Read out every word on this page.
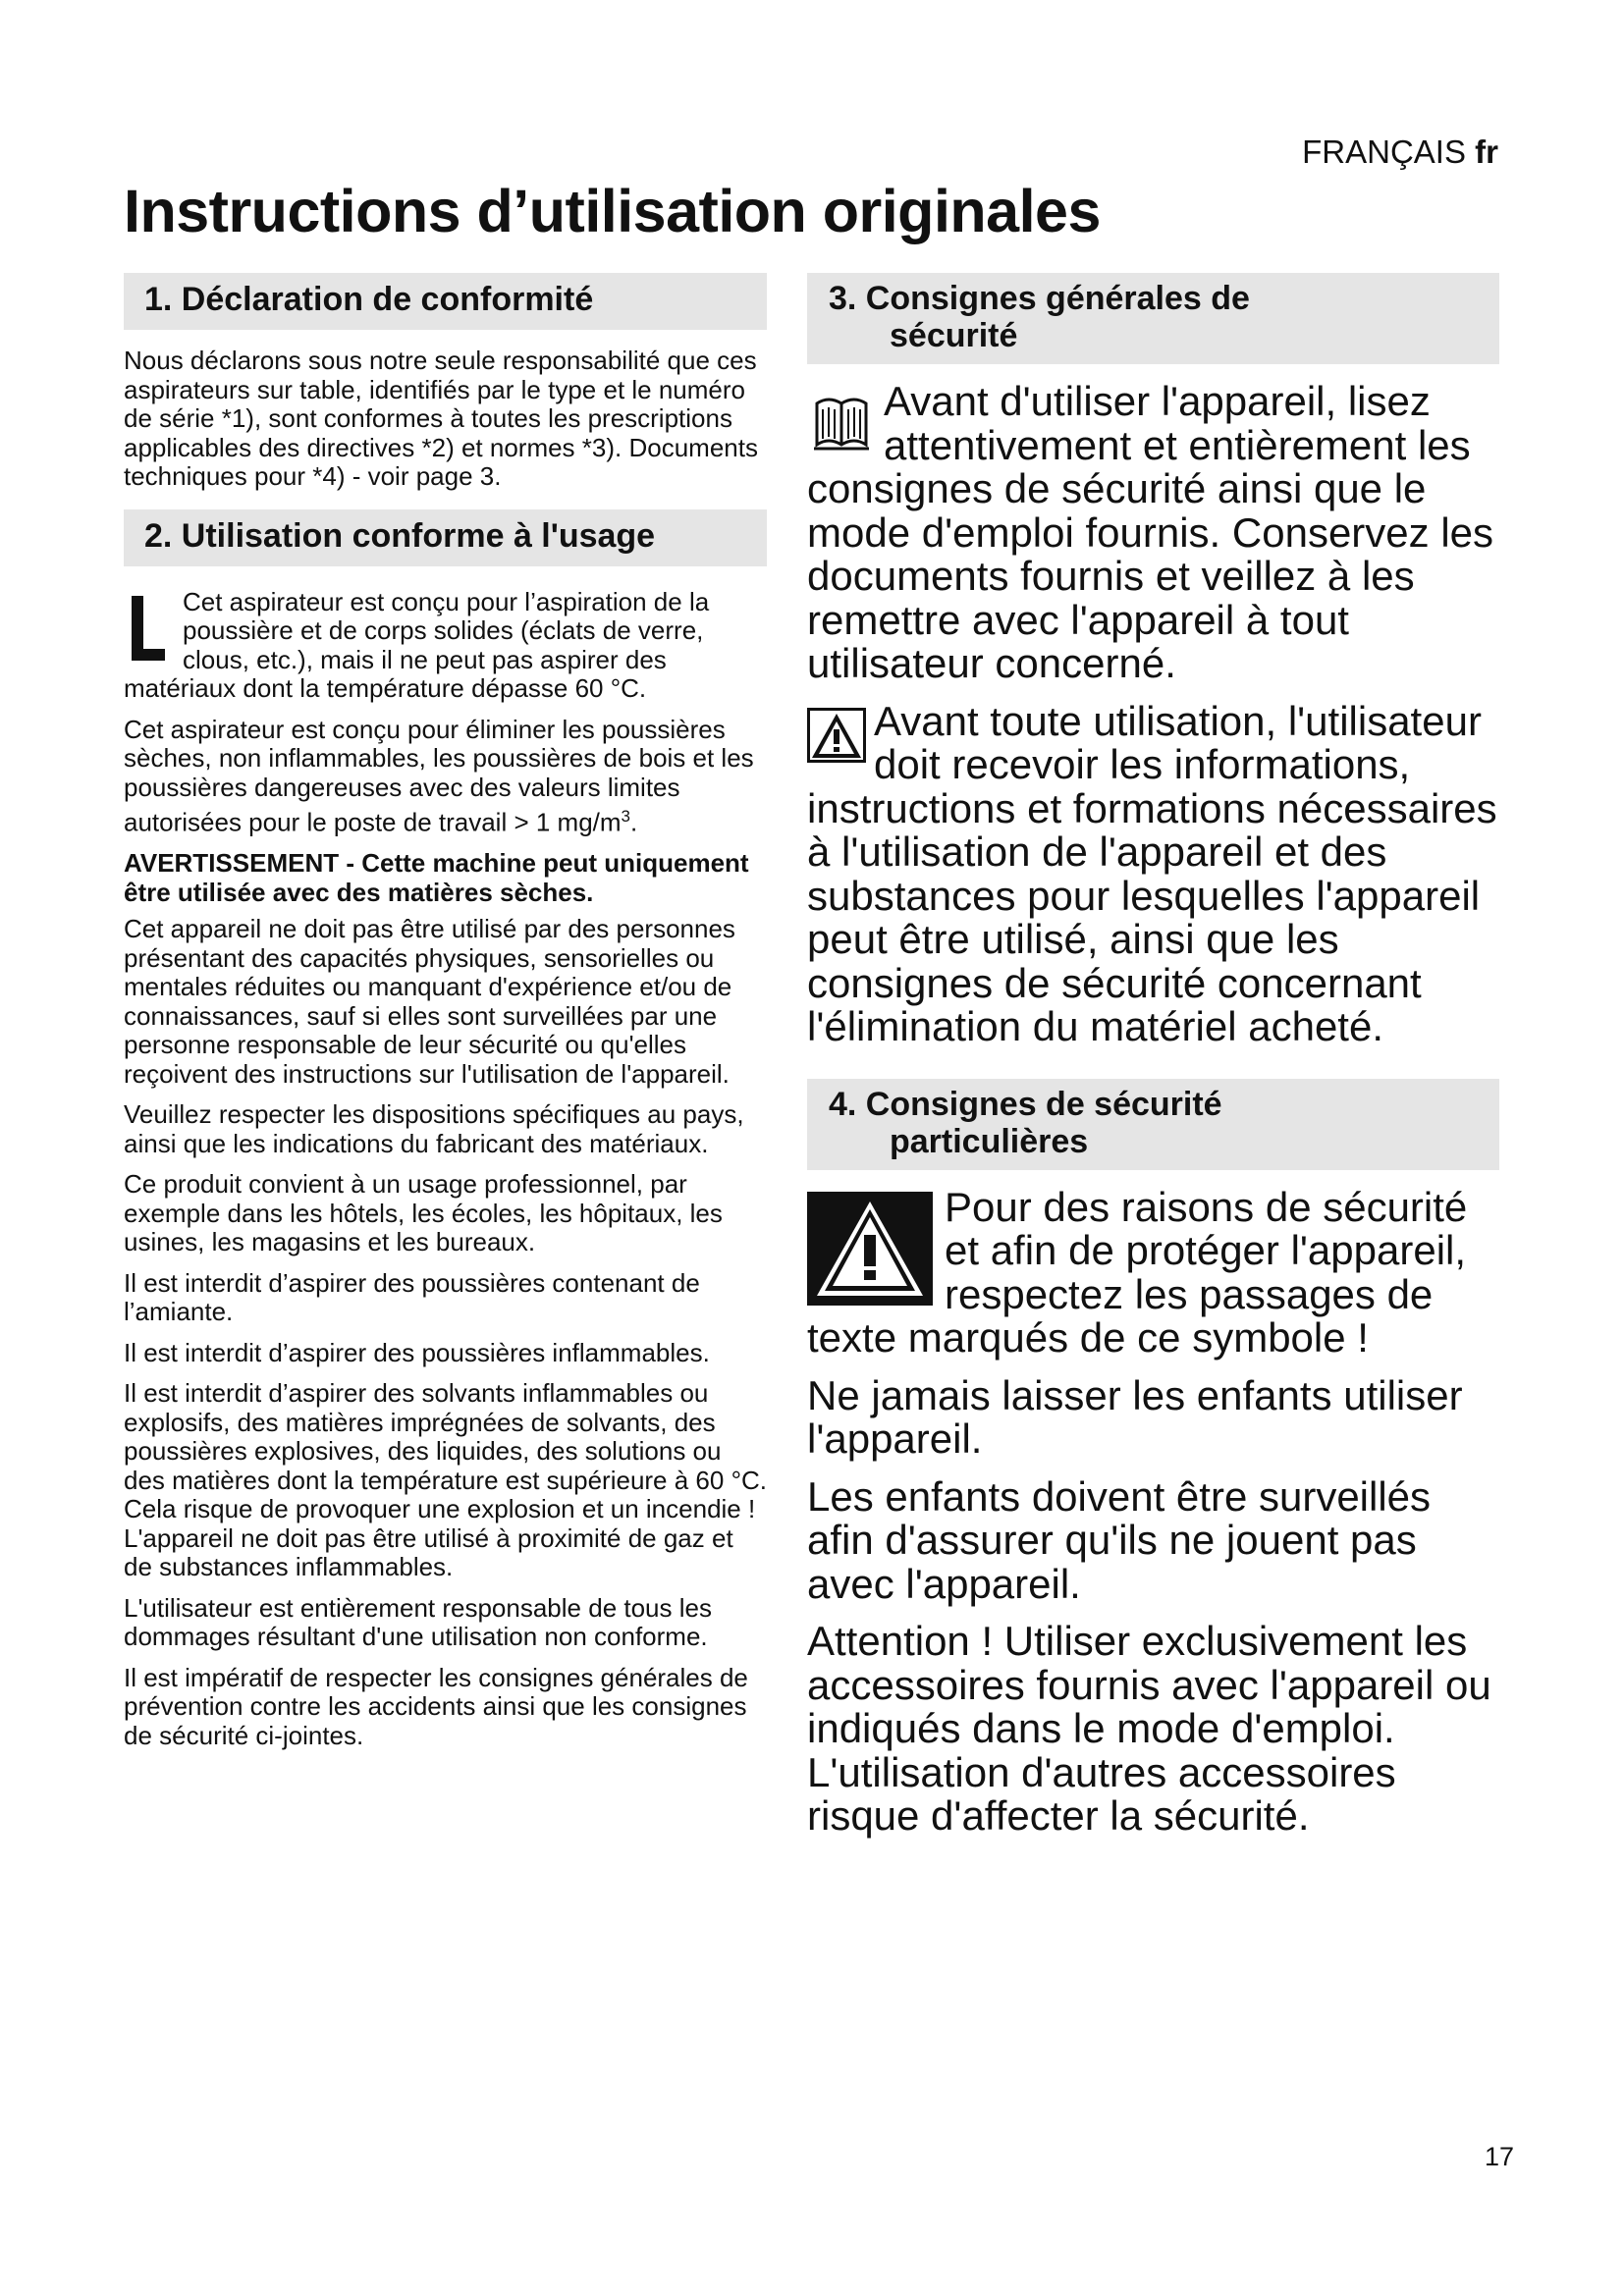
FRANÇAIS fr
Instructions d’utilisation originales
1. Déclaration de conformité

Nous déclarons sous notre seule responsabilité que ces aspirateurs sur table, identifiés par le type et le numéro de série *1), sont conformes à toutes les prescriptions applicables des directives *2) et normes *3). Documents techniques pour *4) - voir page 3.

2. Utilisation conforme à l'usage

Cet aspirateur est conçu pour l’aspiration de la poussière et de corps solides (éclats de verre, clous, etc.), mais il ne peut pas aspirer des matériaux dont la température dépasse 60 °C.

Cet aspirateur est conçu pour éliminer les poussières sèches, non inflammables, les poussières de bois et les poussières dangereuses avec des valeurs limites autorisées pour le poste de travail > 1 $mg/m^3$.

AVERTISSEMENT - Cette machine peut uniquement être utilisée avec des matières sèches.

Cet appareil ne doit pas être utilisé par des personnes présentant des capacités physiques, sensorielles ou mentales réduites ou manquant d'expérience et/ou de connaissances, sauf si elles sont surveillées par une personne responsable de leur sécurité ou qu'elles reçoivent des instructions sur l'utilisation de l'appareil.

Veuillez respecter les dispositions spécifiques au pays, ainsi que les indications du fabricant des matériaux.

Ce produit convient à un usage professionnel, par exemple dans les hôtels, les écoles, les hôpitaux, les usines, les magasins et les bureaux.

Il est interdit d’aspirer des poussières contenant de l’amiante.

Il est interdit d’aspirer des poussières inflammables.

Il est interdit d’aspirer des solvants inflammables ou explosifs, des matières imprégnées de solvants, des poussières explosives, des liquides, des solutions ou des matières dont la température est supérieure à 60 °C. Cela risque de provoquer une explosion et un incendie ! L'appareil ne doit pas être utilisé à proximité de gaz et de substances inflammables.

L'utilisateur est entièrement responsable de tous les dommages résultant d'une utilisation non conforme.

Il est impératif de respecter les consignes générales de prévention contre les accidents ainsi que les consignes de sécurité ci-jointes.

3. Consignes générales de
sécurité

Avant d'utiliser l'appareil, lisez attentivement et entièrement les consignes de sécurité ainsi que le mode d'emploi fournis. Conservez les documents fournis et veillez à les remettre avec l'appareil à tout utilisateur concerné.

Avant toute utilisation, l'utilisateur doit recevoir les informations, instructions et formations nécessaires à l'utilisation de l'appareil et des substances pour lesquelles l'appareil peut être utilisé, ainsi que les consignes de sécurité concernant l'élimination du matériel acheté.

4. Consignes de sécurité
particulières

Pour des raisons de sécurité et afin de protéger l'appareil, respectez les passages de texte marqués de ce symbole !

Ne jamais laisser les enfants utiliser l'appareil.

Les enfants doivent être surveillés afin d'assurer qu'ils ne jouent pas avec l'appareil.

Attention ! Utiliser exclusivement les accessoires fournis avec l'appareil ou indiqués dans le mode d'emploi. L'utilisation d'autres accessoires risque d'affecter la sécurité.

17
